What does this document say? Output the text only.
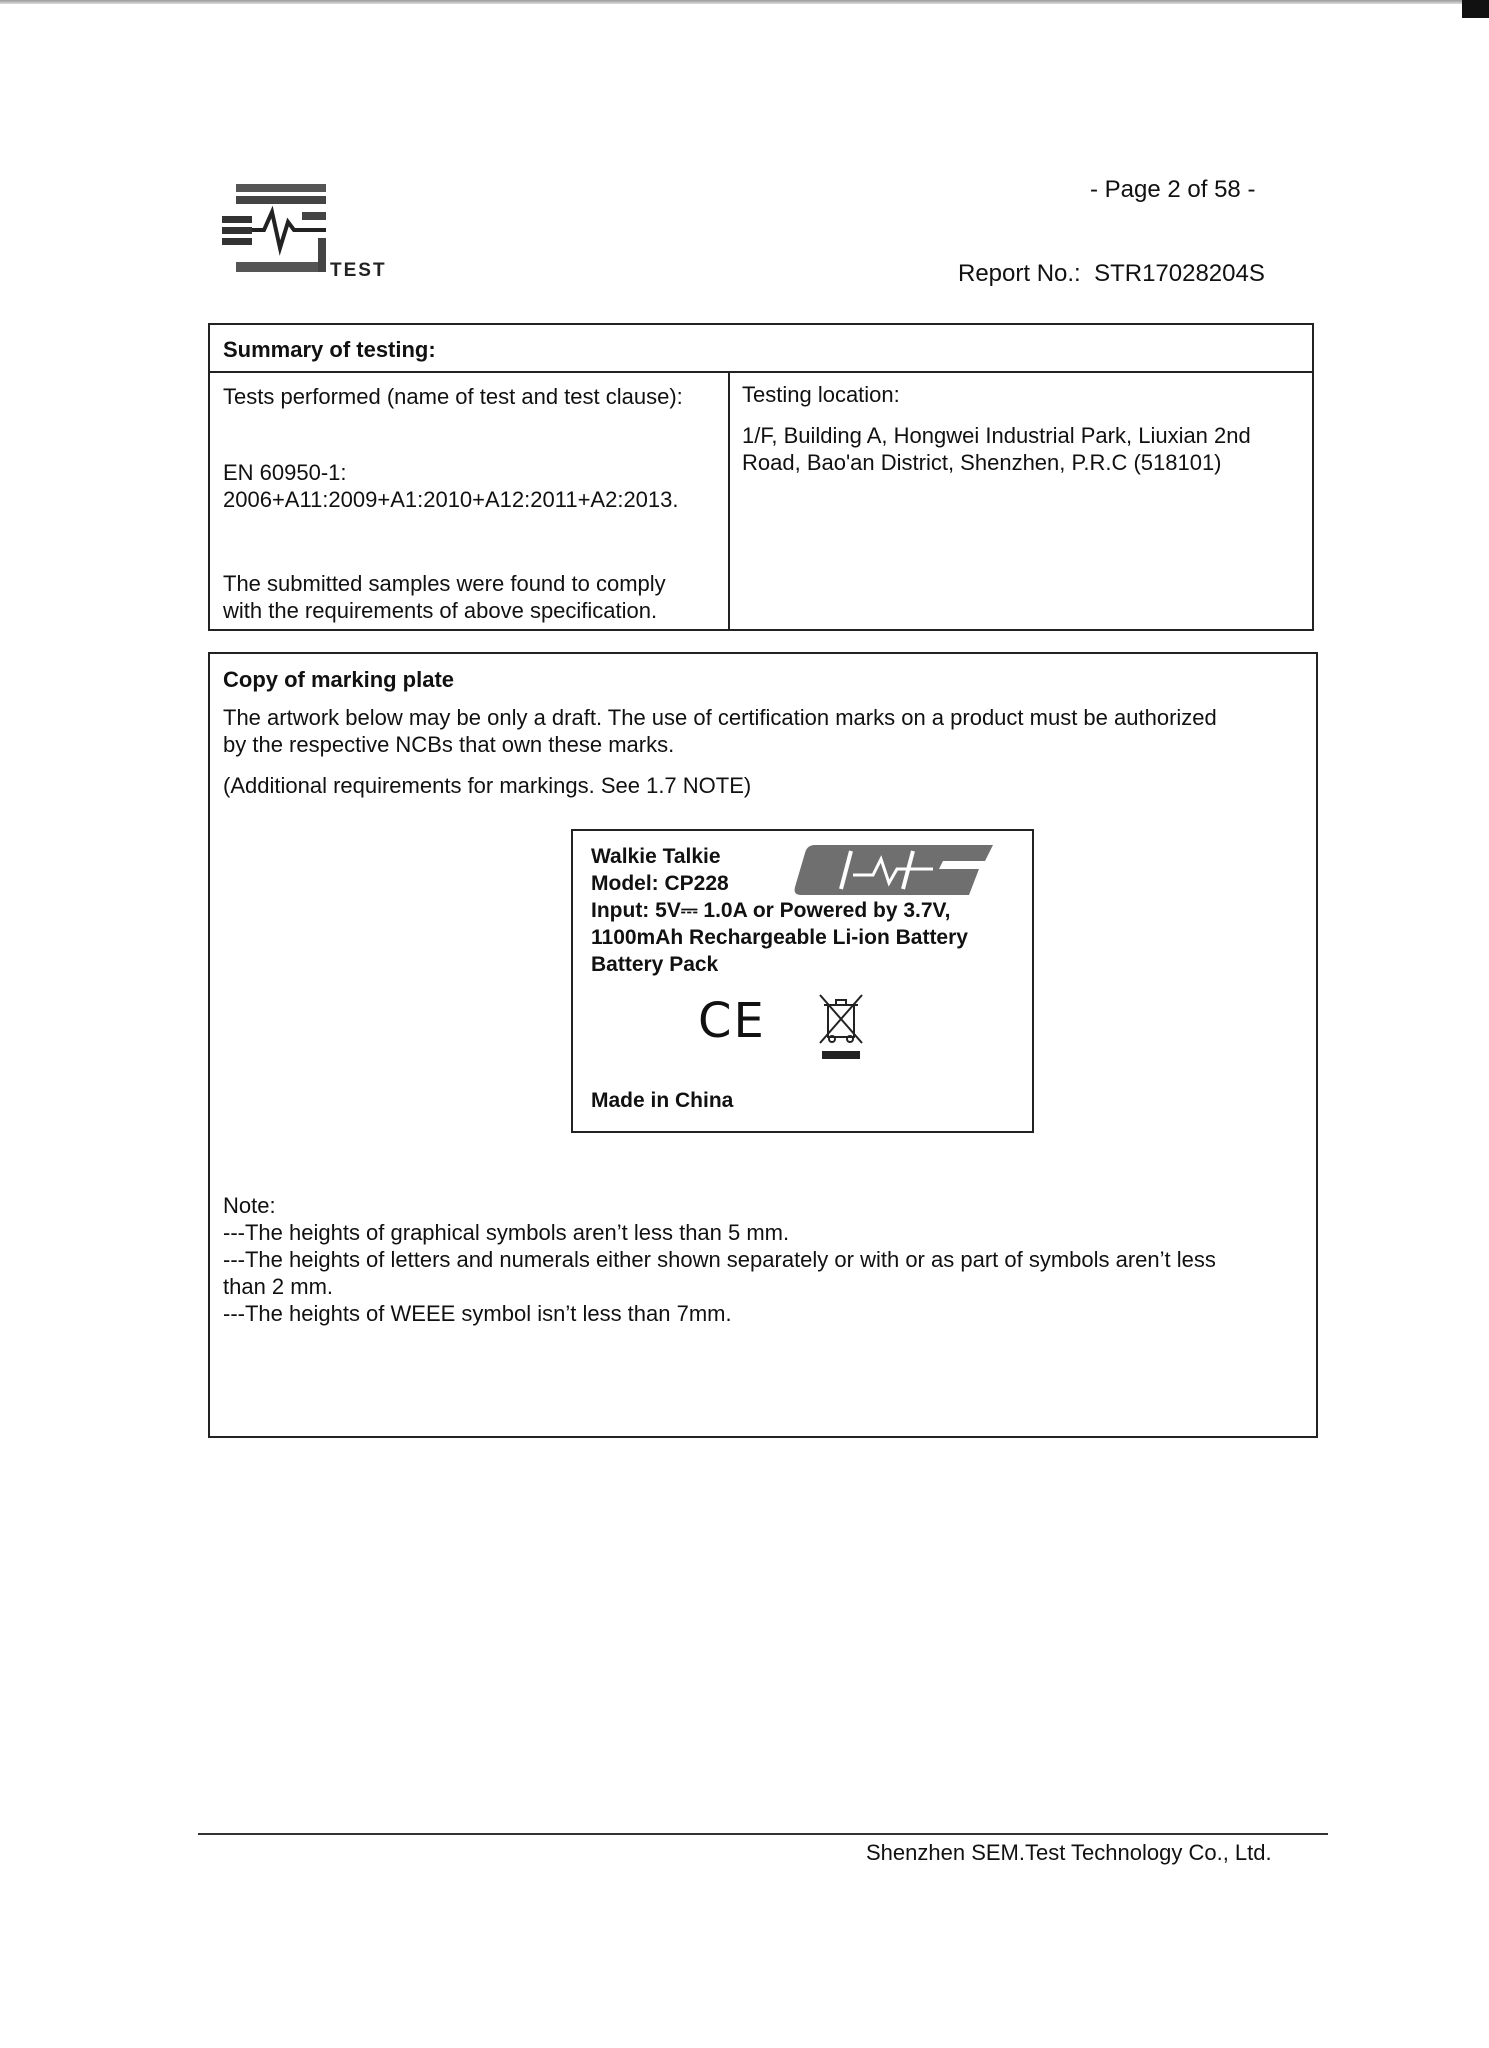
TEST
- Page 2 of 58 -
Report No.: STR17028204S
Summary of testing:
Tests performed (name of test and test clause):
EN 60950-1:
2006+A11:2009+A1:2010+A12:2011+A2:2013.
The submitted samples were found to comply
with the requirements of above specification.
Testing location:
1/F, Building A, Hongwei Industrial Park, Liuxian 2nd
Road, Bao'an District, Shenzhen, P.R.C (518101)
Copy of marking plate
The artwork below may be only a draft. The use of certification marks on a product must be authorized
by the respective NCBs that own these marks.
(Additional requirements for markings. See 1.7 NOTE)
Walkie Talkie
Model: CP228
Input: 5V⎓ 1.0A or Powered by 3.7V,
1100mAh Rechargeable Li-ion Battery
Battery Pack
CE
Made in China
Note:
---The heights of graphical symbols aren’t less than 5 mm.
---The heights of letters and numerals either shown separately or with or as part of symbols aren’t less
than 2 mm.
---The heights of WEEE symbol isn’t less than 7mm.
Shenzhen SEM.Test Technology Co., Ltd.
